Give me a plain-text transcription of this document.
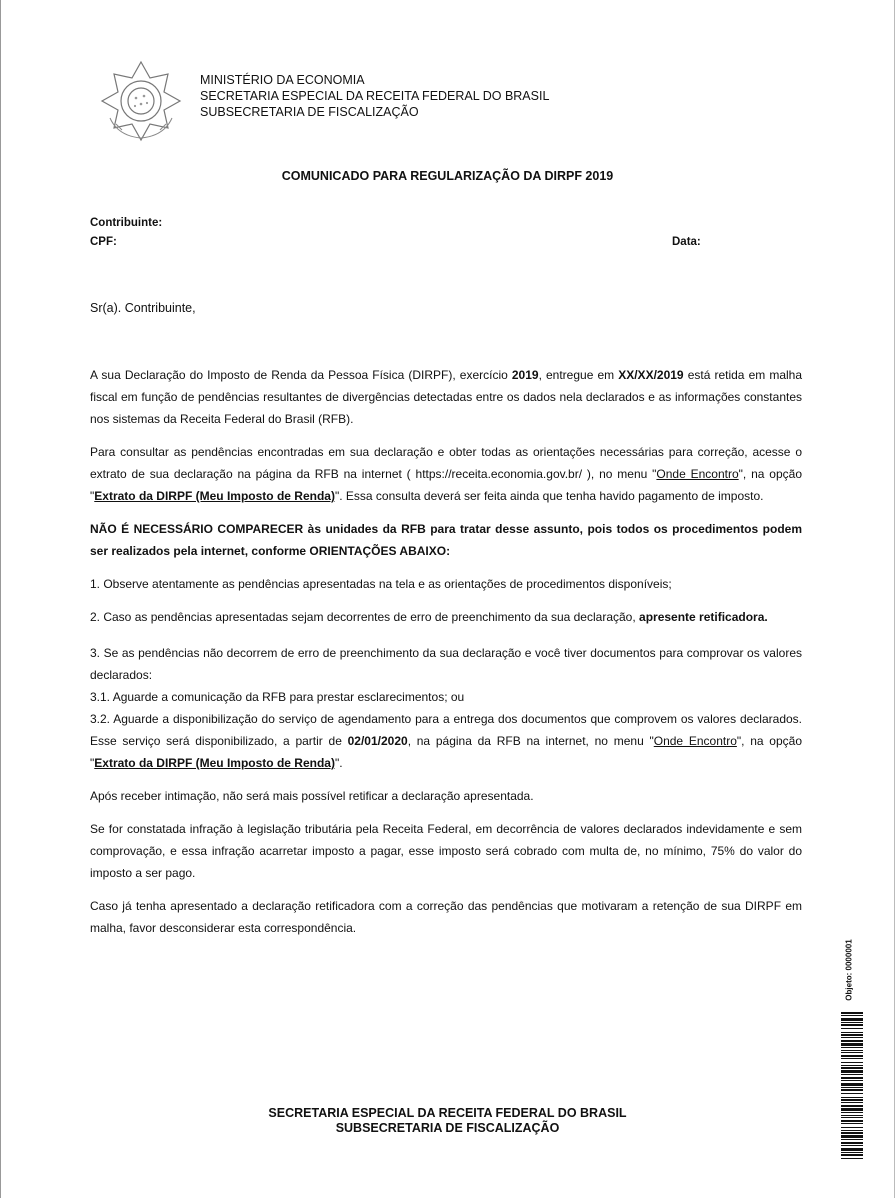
MINISTÉRIO DA ECONOMIA
SECRETARIA ESPECIAL DA RECEITA FEDERAL DO BRASIL
SUBSECRETARIA DE FISCALIZAÇÃO
COMUNICADO PARA REGULARIZAÇÃO DA DIRPF 2019
Contribuinte:
CPF:	Data:
Sr(a). Contribuinte,

A sua Declaração do Imposto de Renda da Pessoa Física (DIRPF), exercício 2019, entregue em XX/XX/2019 está retida em malha fiscal em função de pendências resultantes de divergências detectadas entre os dados nela declarados e as informações constantes nos sistemas da Receita Federal do Brasil (RFB).

Para consultar as pendências encontradas em sua declaração e obter todas as orientações necessárias para correção, acesse o extrato de sua declaração na página da RFB na internet ( https://receita.economia.gov.br/ ), no menu "Onde Encontro", na opção "Extrato da DIRPF (Meu Imposto de Renda)". Essa consulta deverá ser feita ainda que tenha havido pagamento de imposto.

NÃO É NECESSÁRIO COMPARECER às unidades da RFB para tratar desse assunto, pois todos os procedimentos podem ser realizados pela internet, conforme ORIENTAÇÕES ABAIXO:

1. Observe atentamente as pendências apresentadas na tela e as orientações de procedimentos disponíveis;

2. Caso as pendências apresentadas sejam decorrentes de erro de preenchimento da sua declaração, apresente retificadora.

3. Se as pendências não decorrem de erro de preenchimento da sua declaração e você tiver documentos para comprovar os valores declarados:

3.1. Aguarde a comunicação da RFB para prestar esclarecimentos; ou

3.2. Aguarde a disponibilização do serviço de agendamento para a entrega dos documentos que comprovem os valores declarados. Esse serviço será disponibilizado, a partir de 02/01/2020, na página da RFB na internet, no menu "Onde Encontro", na opção "Extrato da DIRPF (Meu Imposto de Renda)".

Após receber intimação, não será mais possível retificar a declaração apresentada.

Se for constatada infração à legislação tributária pela Receita Federal, em decorrência de valores declarados indevidamente e sem comprovação, e essa infração acarretar imposto a pagar, esse imposto será cobrado com multa de, no mínimo, 75% do valor do imposto a ser pago.

Caso já tenha apresentado a declaração retificadora com a correção das pendências que motivaram a retenção de sua DIRPF em malha, favor desconsiderar esta correspondência.

SECRETARIA ESPECIAL DA RECEITA FEDERAL DO BRASIL
SUBSECRETARIA DE FISCALIZAÇÃO
Objeto: 0000001
